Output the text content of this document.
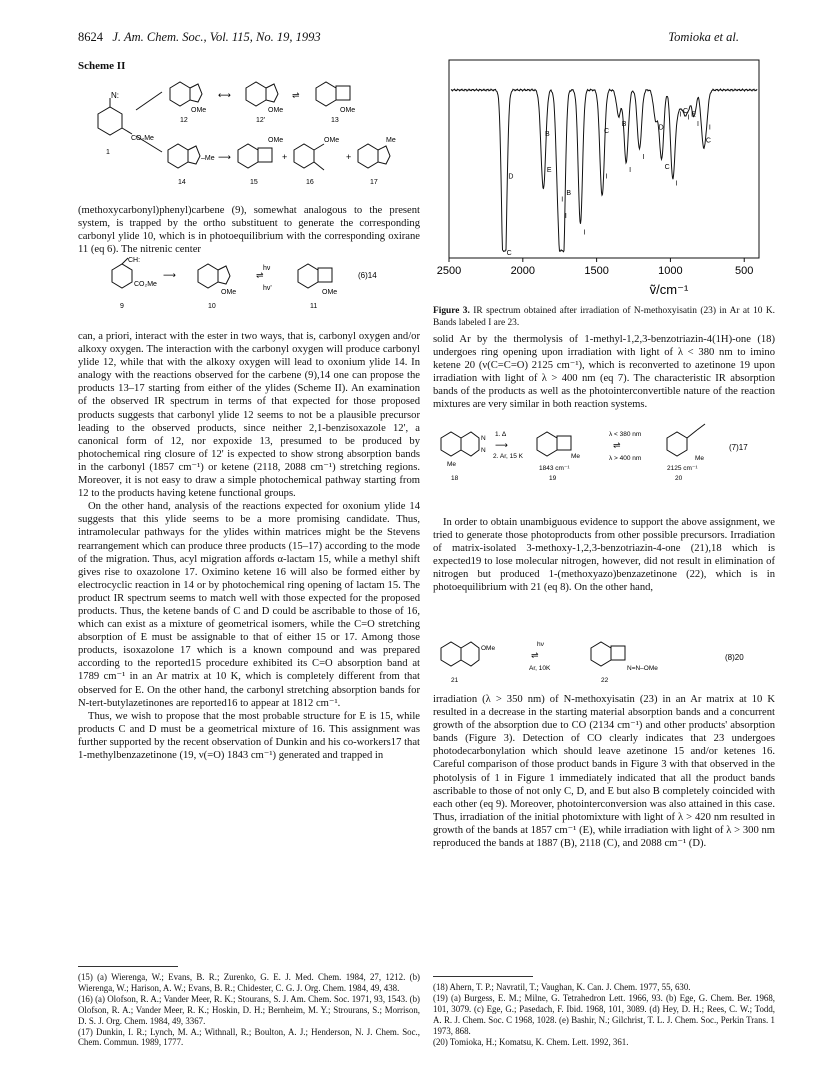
8624 J. Am. Chem. Soc., Vol. 115, No. 19, 1993	Tomioka et al.
Scheme II
N:
CO₂Me
1
OMe
12
⟷
OMe
12'
⇌
OMe
13
–Me
14
⟶
OMe
15
+
OMe
16
+
Me
17

(methoxycarbonyl)phenyl)carbene (9), somewhat analogous to the present system, is trapped by the ortho substituent to generate the corresponding carbonyl ylide 10, which is in photoequilibrium with the corresponding oxirane 11 (eq 6). The nitrenic center

CH:
CO₂Me
⟶
OMe
hν
⇌
hν'
OMe
(6)14
9	10	11

can, a priori, interact with the ester in two ways, that is, carbonyl oxygen and/or alkoxy oxygen. The interaction with the carbonyl oxygen will produce carbonyl ylide 12, while that with the alkoxy oxygen will lead to oxonium ylide 14. In analogy with the reactions observed for the carbene (9),14 one can propose the products 13–17 starting from either of the ylides (Scheme II). An examination of the observed IR spectrum in terms of that expected for those proposed products suggests that carbonyl ylide 12 seems to not be a plausible precursor leading to the observed products, since neither 2,1-benzisoxazole 12', a canonical form of 12, nor expoxide 13, presumed to be produced by photochemical ring closure of 12' is expected to show strong absorption bands in the carbonyl (1857 cm⁻¹) or ketene (2118, 2088 cm⁻¹) stretching regions. Moreover, it is not easy to draw a simple photochemical pathway starting from 12 to the products having ketene functional groups.

On the other hand, analysis of the reactions expected for oxonium ylide 14 suggests that this ylide seems to be a more promising candidate. Thus, intramolecular pathways for the ylides within matrices might be the Stevens rearrangement which can produce three products (15–17) according to the mode of the migration. Thus, acyl migration affords α-lactam 15, while a methyl shift gives rise to oxazolone 17. Oximino ketene 16 will also be formed either by electrocyclic reaction in 14 or by photochemical ring opening of lactam 15. The product IR spectrum seems to match well with those expected for the proposed products. Thus, the ketene bands of C and D could be ascribable to those of 16, which can exist as a mixture of geometrical isomers, while the C=O stretching absorption of E must be assignable to that of either 15 or 17. Among those products, isoxazolone 17 which is a known compound and was prepared according to the reported15 procedure exhibited its C=O absorption band at 1789 cm⁻¹ in an Ar matrix at 10 K, which is completely different from that observed for E. On the other hand, the carbonyl stretching absorption bands for N-tert-butylazetinones are reported16 to appear at 1812 cm⁻¹.

Thus, we wish to propose that the most probable structure for E is 15, while products C and D must be a geometrical mixture of 16. This assignment was further supported by the recent observation of Dunkin and his co-workers17 that 1-methylbenzazetinone (19, ν(=O) 1843 cm⁻¹) generated and trapped in

(15) (a) Wierenga, W.; Evans, B. R.; Zurenko, G. E. J. Med. Chem. 1984, 27, 1212. (b) Wierenga, W.; Harison, A. W.; Evans, B. R.; Chidester, C. G. J. Org. Chem. 1984, 49, 438.

(16) (a) Olofson, R. A.; Vander Meer, R. K.; Stourans, S. J. Am. Chem. Soc. 1971, 93, 1543. (b) Olofson, R. A.; Vander Meer, R. K.; Hoskin, D. H.; Bernheim, M. Y.; Strourans, S.; Morrison, D. S. J. Org. Chem. 1984, 49, 3367.

(17) Dunkin, I. R.; Lynch, M. A.; Withnall, R.; Boulton, A. J.; Henderson, N. J. Chem. Soc., Chem. Commun. 1989, 1777.

C
D
B
E
I
I
B
I
C
I
B
I
I
D
C
I
I C
I E
I
C
I
2500	2000	1500	1000	500
ṽ/cm⁻¹
Figure 3. IR spectrum obtained after irradiation of N-methoxyisatin (23) in Ar at 10 K. Bands labeled I are 23.

solid Ar by the thermolysis of 1-methyl-1,2,3-benzotriazin-4(1H)-one (18) undergoes ring opening upon irradiation with light of λ < 380 nm to imino ketene 20 (ν(C=C=O) 2125 cm⁻¹), which is reconverted to azetinone 19 upon irradiation with light of λ > 400 nm (eq 7). The characteristic IR absorption bands of the products as well as the photointerconvertible nature of the reaction mixtures are very similar in both reaction systems.

N
N
Me
1. Δ
⟶
2. Ar, 15 K	Me
1843 cm⁻¹
λ < 380 nm
⇌
λ > 400 nm	Me
2125 cm⁻¹
(7)17
18	19	20

In order to obtain unambiguous evidence to support the above assignment, we tried to generate those photoproducts from other possible precursors. Irradiation of matrix-isolated 3-methoxy-1,2,3-benzotriazin-4-one (21),18 which is expected19 to lose molecular nitrogen, however, did not result in elimination of nitrogen but produced 1-(methoxyazo)benzazetinone (22), which is in photoequilibrium with 21 (eq 8). On the other hand,

OMe
hν
⇌
Ar, 10K	N=N–OMe
(8)20
21	22

irradiation (λ > 350 nm) of N-methoxyisatin (23) in an Ar matrix at 10 K resulted in a decrease in the starting material absorption bands and a concurrent growth of the absorption due to CO (2134 cm⁻¹) and other products' absorption bands (Figure 3). Detection of CO clearly indicates that 23 undergoes photodecarbonylation which should leave azetinone 15 and/or ketenes 16. Careful comparison of those product bands in Figure 3 with that observed in the photolysis of 1 in Figure 1 immediately indicated that all the product bands ascribable to those of not only C, D, and E but also B completely coincided with each other (eq 9). Moreover, photointerconversion was also attained in this case. Thus, irradiation of the initial photomixture with light of λ > 420 nm resulted in growth of the bands at 1857 cm⁻¹ (E), while irradiation with light of λ > 300 nm reproduced the bands at 1887 (B), 2118 (C), and 2088 cm⁻¹ (D).

(18) Ahern, T. P.; Navratil, T.; Vaughan, K. Can. J. Chem. 1977, 55, 630.

(19) (a) Burgess, E. M.; Milne, G. Tetrahedron Lett. 1966, 93. (b) Ege, G. Chem. Ber. 1968, 101, 3079. (c) Ege, G.; Pasedach, F. Ibid. 1968, 101, 3089. (d) Hey, D. H.; Rees, C. W.; Todd, A. R. J. Chem. Soc. C 1968, 1028. (e) Bashir, N.; Gilchrist, T. L. J. Chem. Soc., Perkin Trans. 1 1973, 868.

(20) Tomioka, H.; Komatsu, K. Chem. Lett. 1992, 361.
